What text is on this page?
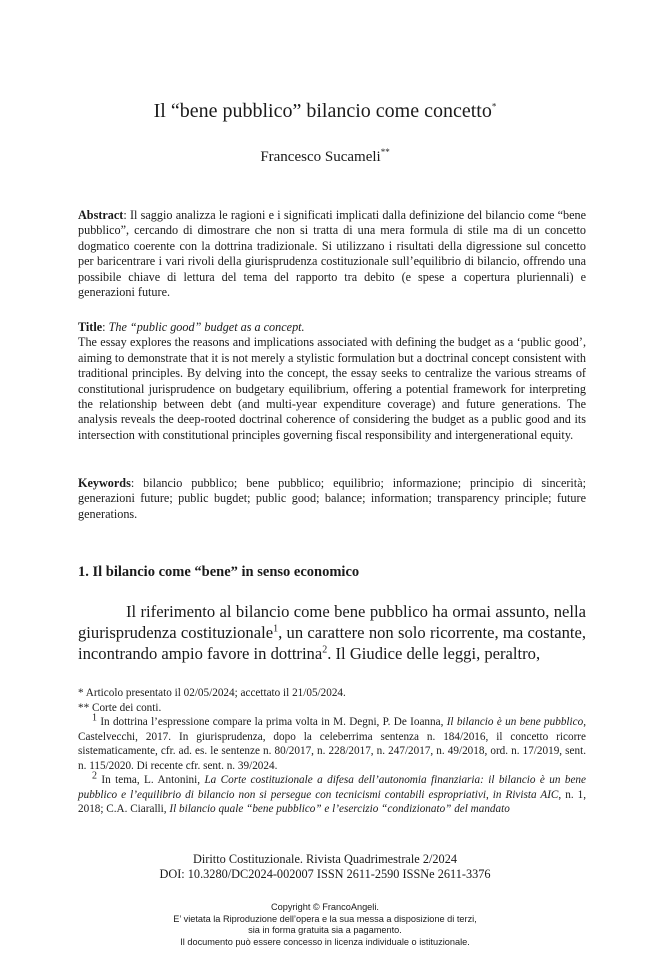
Il “bene pubblico” bilancio come concetto*
Francesco Sucameli**
Abstract: Il saggio analizza le ragioni e i significati implicati dalla definizione del bilancio come “bene pubblico”, cercando di dimostrare che non si tratta di una mera formula di stile ma di un concetto dogmatico coerente con la dottrina tradizionale. Si utilizzano i risultati della digressione sul concetto per baricentrare i vari rivoli della giurisprudenza costituzionale sull’equilibrio di bilancio, offrendo una possibile chiave di lettura del tema del rapporto tra debito (e spese a copertura pluriennali) e generazioni future.
Title: The “public good” budget as a concept.
The essay explores the reasons and implications associated with defining the budget as a ‘public good’, aiming to demonstrate that it is not merely a stylistic formulation but a doctrinal concept consistent with traditional principles. By delving into the concept, the essay seeks to centralize the various streams of constitutional jurisprudence on budgetary equilibrium, offering a potential framework for interpreting the relationship between debt (and multi-year expenditure coverage) and future generations. The analysis reveals the deep-rooted doctrinal coherence of considering the budget as a public good and its intersection with constitutional principles governing fiscal responsibility and intergenerational equity.
Keywords: bilancio pubblico; bene pubblico; equilibrio; informazione; principio di sincerità; generazioni future; public bugdet; public good; balance; information; transparency principle; future generations.
1. Il bilancio come “bene” in senso economico
Il riferimento al bilancio come bene pubblico ha ormai assunto, nella giurisprudenza costituzionale$^1$, un carattere non solo ricorrente, ma costante, incontrando ampio favore in dottrina$^2$. Il Giudice delle leggi, peraltro,

* Articolo presentato il 02/05/2024; accettato il 21/05/2024.

** Corte dei conti.

1 In dottrina l’espressione compare la prima volta in M. Degni, P. De Ioanna, Il bilancio è un bene pubblico, Castelvecchi, 2017. In giurisprudenza, dopo la celeberrima sentenza n. 184/2016, il concetto ricorre sistematicamente, cfr. ad. es. le sentenze n. 80/2017, n. 228/2017, n. 247/2017, n. 49/2018, ord. n. 17/2019, sent. n. 115/2020. Di recente cfr. sent. n. 39/2024.

2 In tema, L. Antonini, La Corte costituzionale a difesa dell’autonomia finanziaria: il bilancio è un bene pubblico e l’equilibrio di bilancio non si persegue con tecnicismi contabili espropriativi, in Rivista AIC, n. 1, 2018; C.A. Ciaralli, Il bilancio quale “bene pubblico” e l’esercizio “condizionato” del mandato

Diritto Costituzionale. Rivista Quadrimestrale 2/2024
DOI: 10.3280/DC2024-002007 ISSN 2611-2590 ISSNe 2611-3376
Copyright © FrancoAngeli.
E’ vietata la Riproduzione dell’opera e la sua messa a disposizione di terzi,
sia in forma gratuita sia a pagamento.
Il documento può essere concesso in licenza individuale o istituzionale.
